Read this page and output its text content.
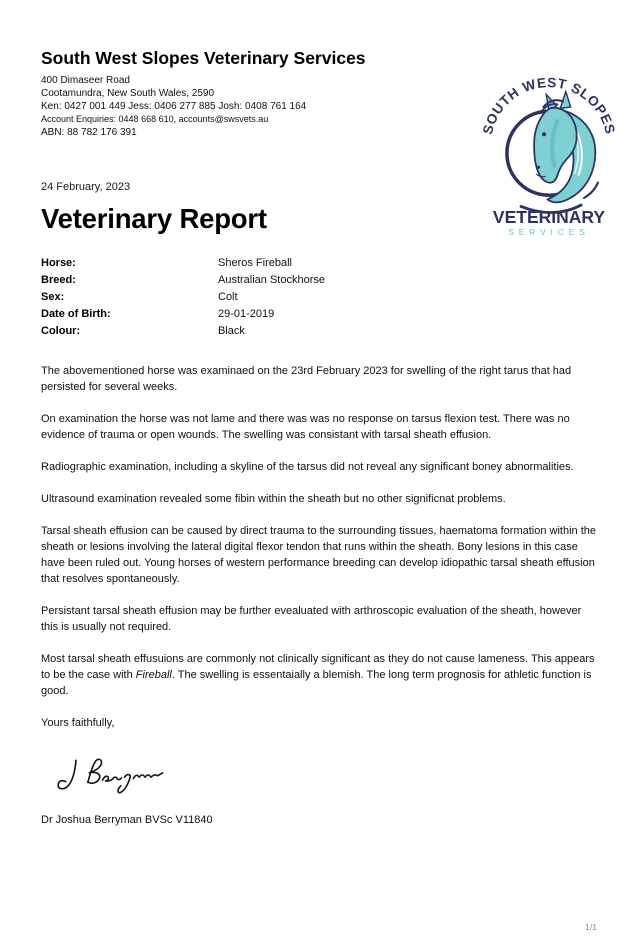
South West Slopes Veterinary Services
400 Dimaseer Road
Cootamundra, New South Wales, 2590
Ken: 0427 001 449 Jess: 0406 277 885 Josh: 0408 761 164
Account Enquiries: 0448 668 610, accounts@swsvets.au
ABN: 88 782 176 391	SOUTH WEST SLOPES
VETERINARY
SERVICES
24 February, 2023
Veterinary Report
Horse:	Sheros Fireball
Breed:	Australian Stockhorse
Sex:	Colt
Date of Birth:	29-01-2019
Colour:	Black

The abovementioned horse was examinaed on the 23rd February 2023 for swelling of the right tarus that had persisted for several weeks.

On examination the horse was not lame and there was was no response on tarsus flexion test. There was no evidence of trauma or open wounds. The swelling was consistant with tarsal sheath effusion.

Radiographic examination, including a skyline of the tarsus did not reveal any significant boney abnormalities.

Ultrasound examination revealed some fibin within the sheath but no other significnat problems.

Tarsal sheath effusion can be caused by direct trauma to the surrounding tissues, haematoma formation within the sheath or lesions involving the lateral digital flexor tendon that runs within the sheath. Bony lesions in this case have been ruled out. Young horses of western performance breeding can develop idiopathic tarsal sheath effusion that resolves spontaneously.

Persistant tarsal sheath effusion may be further evealuated with arthroscopic evaluation of the sheath, however this is usually not required.

Most tarsal sheath effusuions are commonly not clinically significant as they do not cause lameness. This appears to be the case with Fireball. The swelling is essentaially a blemish. The long term prognosis for athletic function is good.

Yours faithfully,

Dr Joshua Berryman BVSc V11840
1/1
